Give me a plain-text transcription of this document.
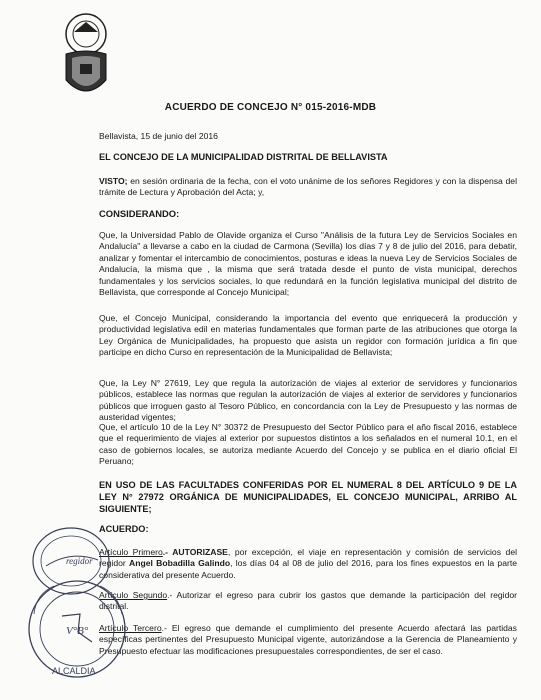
ACUERDO DE CONCEJO N° 015-2016-MDB
Bellavista, 15 de junio del 2016
EL CONCEJO DE LA MUNICIPALIDAD DISTRITAL DE BELLAVISTA
VISTO; en sesión ordinaria de la fecha, con el voto unánime de los señores Regidores y con la dispensa del trámite de Lectura y Aprobación del Acta; y,
CONSIDERANDO:
Que, la Universidad Pablo de Olavide organiza el Curso "Análisis de la futura Ley de Servicios Sociales en Andalucía" a llevarse a cabo en la ciudad de Carmona (Sevilla) los días 7 y 8 de julio del 2016, para debatir, analizar y fomentar el intercambio de conocimientos, posturas e ideas la nueva Ley de Servicios Sociales de Andalucía, la misma que , la misma que será tratada desde el punto de vista municipal, derechos fundamentales y los servicios sociales, lo que redundará en la función legislativa municipal del distrito de Bellavista, que corresponde al Concejo Municipal;
Que, el Concejo Municipal, considerando la importancia del evento que enriquecerá la producción y productividad legislativa edil en materias fundamentales que forman parte de las atribuciones que otorga la Ley Orgánica de Municipalidades, ha propuesto que asista un regidor con formación jurídica a fin que participe en dicho Curso en representación de la Municipalidad de Bellavista;
Que, la Ley N° 27619, Ley que regula la autorización de viajes al exterior de servidores y funcionarios públicos, establece las normas que regulan la autorización de viajes al exterior de servidores y funcionarios públicos que irroguen gasto al Tesoro Público, en concordancia con la Ley de Presupuesto y las normas de austeridad vigentes;
Que, el artículo 10 de la Ley N° 30372 de Presupuesto del Sector Público para el año fiscal 2016, establece que el requerimiento de viajes al exterior por supuestos distintos a los señalados en el numeral 10.1, en el caso de gobiernos locales, se autoriza mediante Acuerdo del Concejo y se publica en el diario oficial El Peruano;
EN USO DE LAS FACULTADES CONFERIDAS POR EL NUMERAL 8 DEL ARTÍCULO 9 DE LA LEY N° 27972 ORGÁNICA DE MUNICIPALIDADES, EL CONCEJO MUNICIPAL, ARRIBO AL SIGUIENTE;
ACUERDO:
Artículo Primero.- AUTORIZASE, por excepción, el viaje en representación y comisión de servicios del regidor Angel Bobadilla Galindo, los días 04 al 08 de julio del 2016, para los fines expuestos en la parte considerativa del presente Acuerdo.
Artículo Segundo.- Autorizar el egreso para cubrir los gastos que demande la participación del regidor distrital.
Artículo Tercero.- El egreso que demande el cumplimiento del presente Acuerdo afectará las partidas específicas pertinentes del Presupuesto Municipal vigente, autorizándose a la Gerencia de Planeamiento y Presupuesto efectuar las modificaciones presupuestales correspondientes, de ser el caso.
regidor
V°B°
ALCALDIA
